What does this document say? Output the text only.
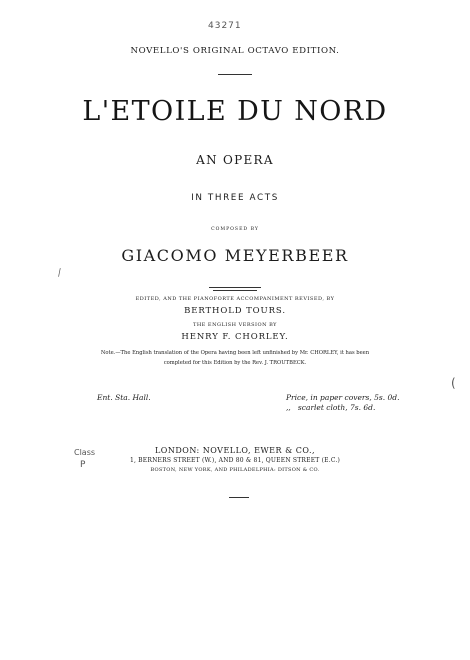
43271
NOVELLO'S ORIGINAL OCTAVO EDITION.
L'ETOILE DU NORD
AN OPERA
IN THREE ACTS
COMPOSED BY
GIACOMO MEYERBEER
EDITED, AND THE PIANOFORTE ACCOMPANIMENT REVISED, BY
BERTHOLD TOURS.
THE ENGLISH VERSION BY
HENRY F. CHORLEY.
Note.—The English translation of the Opera having been left unfinished by Mr. CHORLEY, it has been
completed for this Edition by the Rev. J. TROUTBECK.
Ent. Sta. Hall.	Price, in paper covers, 5s. 0d.
,,   scarlet cloth, 7s. 6d.
LONDON: NOVELLO, EWER & CO.,
1, BERNERS STREET (W.), AND 80 & 81, QUEEN STREET (E.C.)
BOSTON, NEW YORK, AND PHILADELPHIA: DITSON & CO.
Class
⁄
(
P
